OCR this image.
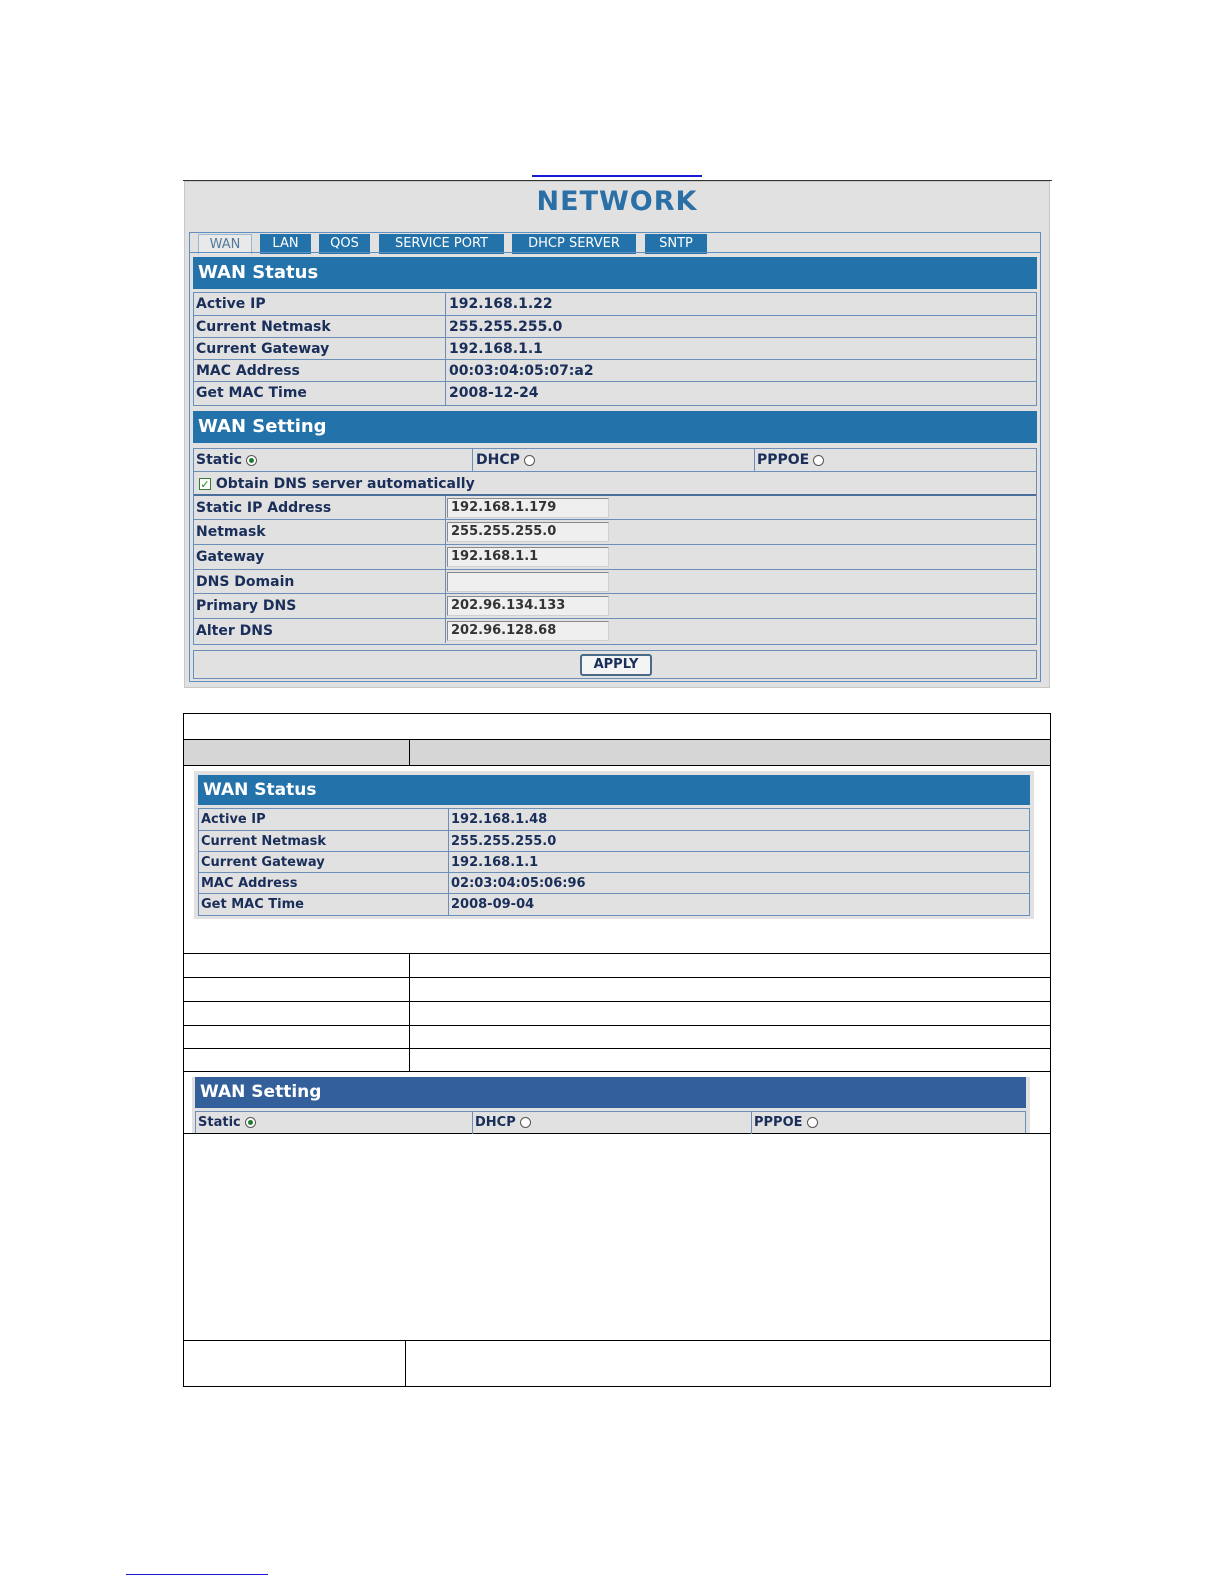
NETWORK
WAN	LAN	QOS	SERVICE PORT	DHCP SERVER	SNTP
WAN Status
Active IP	192.168.1.22
Current Netmask	255.255.255.0
Current Gateway	192.168.1.1
MAC Address	00:03:04:05:07:a2
Get MAC Time	2008-12-24
WAN Setting
Static	DHCP	PPPOE
✓ Obtain DNS server automatically
Static IP Address	192.168.1.179
Netmask	255.255.255.0
Gateway	192.168.1.1
DNS Domain
Primary DNS	202.96.134.133
Alter DNS	202.96.128.68
APPLY
WAN Status
Active IP	192.168.1.48
Current Netmask	255.255.255.0
Current Gateway	192.168.1.1
MAC Address	02:03:04:05:06:96
Get MAC Time	2008-09-04
WAN Setting
Static	DHCP	PPPOE
